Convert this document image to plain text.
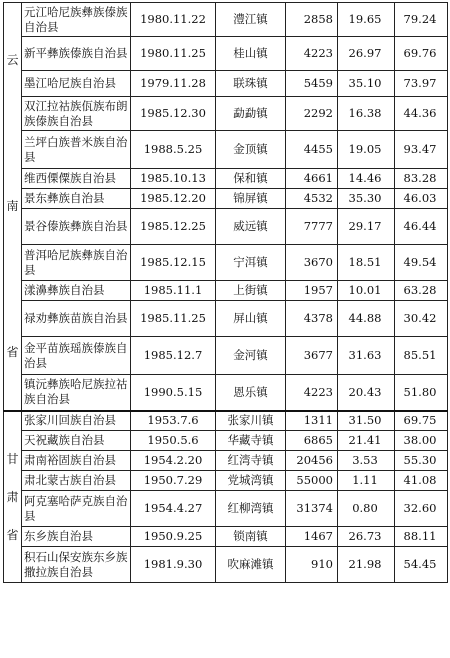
云
南
省	元江哈尼族彝族傣族自治县	1980.11.22	澧江镇	2858	19.65	79.24
	新平彝族傣族自治县	1980.11.25	桂山镇	4223	26.97	69.76
	墨江哈尼族自治县	1979.11.28	联珠镇	5459	35.10	73.97
	双江拉祜族佤族布朗族傣族自治县	1985.12.30	勐勐镇	2292	16.38	44.36
	兰坪白族普米族自治县	1988.5.25	金顶镇	4455	19.05	93.47
	维西傈僳族自治县	1985.10.13	保和镇	4661	14.46	83.28
	景东彝族自治县	1985.12.20	锦屏镇	4532	35.30	46.03
	景谷傣族彝族自治县	1985.12.25	威远镇	7777	29.17	46.44
	普洱哈尼族彝族自治县	1985.12.15	宁洱镇	3670	18.51	49.54
	漾濞彝族自治县	1985.11.1	上街镇	1957	10.01	63.28
	禄劝彝族苗族自治县	1985.11.25	屏山镇	4378	44.88	30.42
	金平苗族瑶族傣族自治县	1985.12.7	金河镇	3677	31.63	85.51
	镇沅彝族哈尼族拉祜族自治县	1990.5.15	恩乐镇	4223	20.43	51.80

甘
肃
省	张家川回族自治县	1953.7.6	张家川镇	1311	31.50	69.75
	天祝藏族自治县	1950.5.6	华藏寺镇	6865	21.41	38.00
	肃南裕固族自治县	1954.2.20	红湾寺镇	20456	3.53	55.30
	肃北蒙古族自治县	1950.7.29	党城湾镇	55000	1.11	41.08
	阿克塞哈萨克族自治县	1954.4.27	红柳湾镇	31374	0.80	32.60
	东乡族自治县	1950.9.25	锁南镇	1467	26.73	88.11
	积石山保安族东乡族撒拉族自治县	1981.9.30	吹麻滩镇	910	21.98	54.45
